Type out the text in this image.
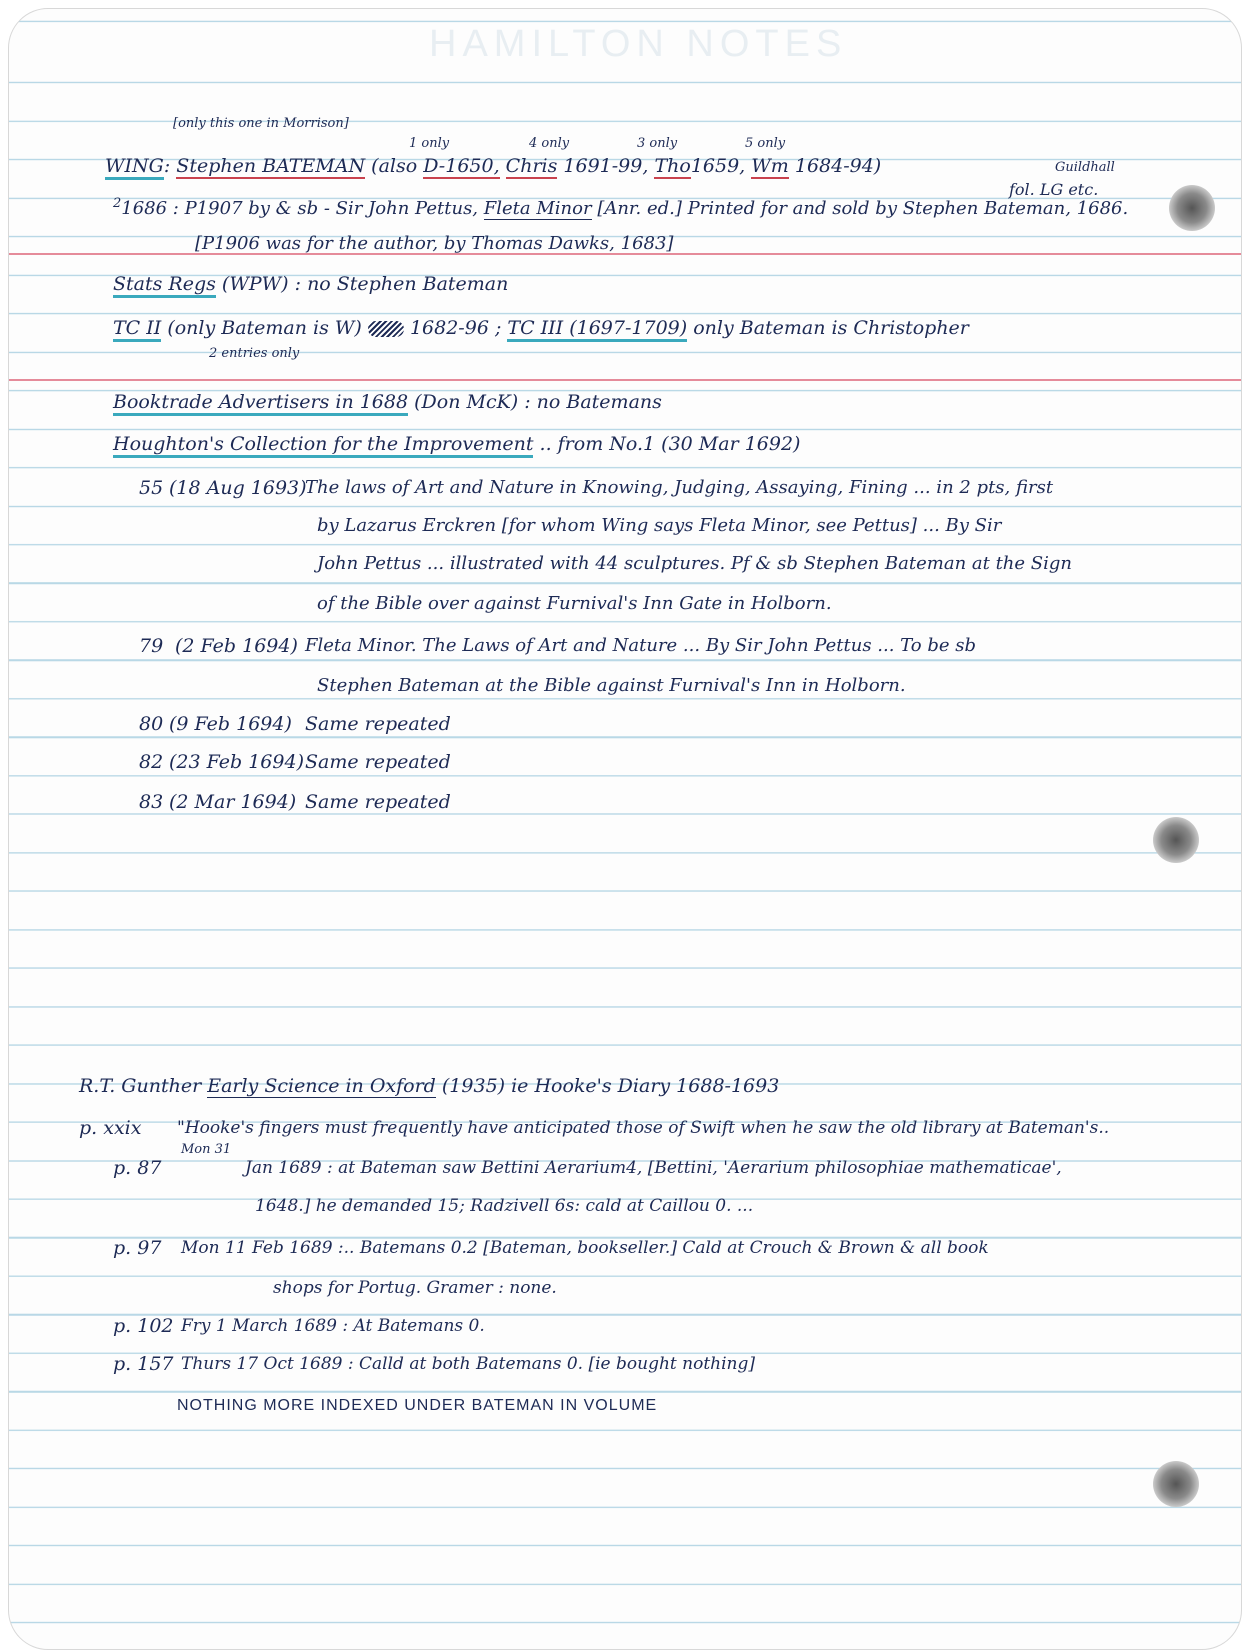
HAMILTON NOTES
[only this one in Morrison]
1 only	4 only	3 only	5 only
Guildhall
WING: Stephen BATEMAN (also D-1650, Chris 1691-99, Tho1659, Wm 1684-94)
fol. LG etc.
$^2$1686 : P1907 by & sb - Sir John Pettus, Fleta Minor [Anr. ed.] Printed for and sold by Stephen Bateman, 1686.
[P1906 was for the author, by Thomas Dawks, 1683]
Stats Regs (WPW) : no Stephen Bateman
TC II (only Bateman is W)	1682-96 ; TC III (1697-1709) only Bateman is Christopher
2 entries only
Booktrade Advertisers in 1688 (Don McK) : no Batemans
Houghton's Collection for the Improvement .. from No.1 (30 Mar 1692)
55 (18 Aug 1693)
The laws of Art and Nature in Knowing, Judging, Assaying, Fining ... in 2 pts, first
by Lazarus Erckren [for whom Wing says Fleta Minor, see Pettus] ... By Sir
John Pettus ... illustrated with 44 sculptures. Pf & sb Stephen Bateman at the Sign
of the Bible over against Furnival's Inn Gate in Holborn.
79 (2 Feb 1694) Fleta Minor. The Laws of Art and Nature ... By Sir John Pettus ... To be sb
Stephen Bateman at the Bible against Furnival's Inn in Holborn.
80 (9 Feb 1694) Same repeated
82 (23 Feb 1694) Same repeated
83 (2 Mar 1694) Same repeated
R.T. Gunther Early Science in Oxford (1935) ie Hooke's Diary 1688-1693
p. xxix "Hooke's fingers must frequently have anticipated those of Swift when he saw the old library at Bateman's..
p. 87
Mon 31
Jan 1689 : at Bateman saw Bettini Aerarium4, [Bettini, 'Aerarium philosophiae mathematicae',
1648.] he demanded 15; Radzivell 6s: cald at Caillou 0. ...
p. 97 Mon 11 Feb 1689 :.. Batemans 0.2 [Bateman, bookseller.] Cald at Crouch & Brown & all book
shops for Portug. Gramer : none.
p. 102 Fry 1 March 1689 : At Batemans 0.
p. 157 Thurs 17 Oct 1689 : Calld at both Batemans 0. [ie bought nothing]
NOTHING MORE INDEXED UNDER BATEMAN IN VOLUME
